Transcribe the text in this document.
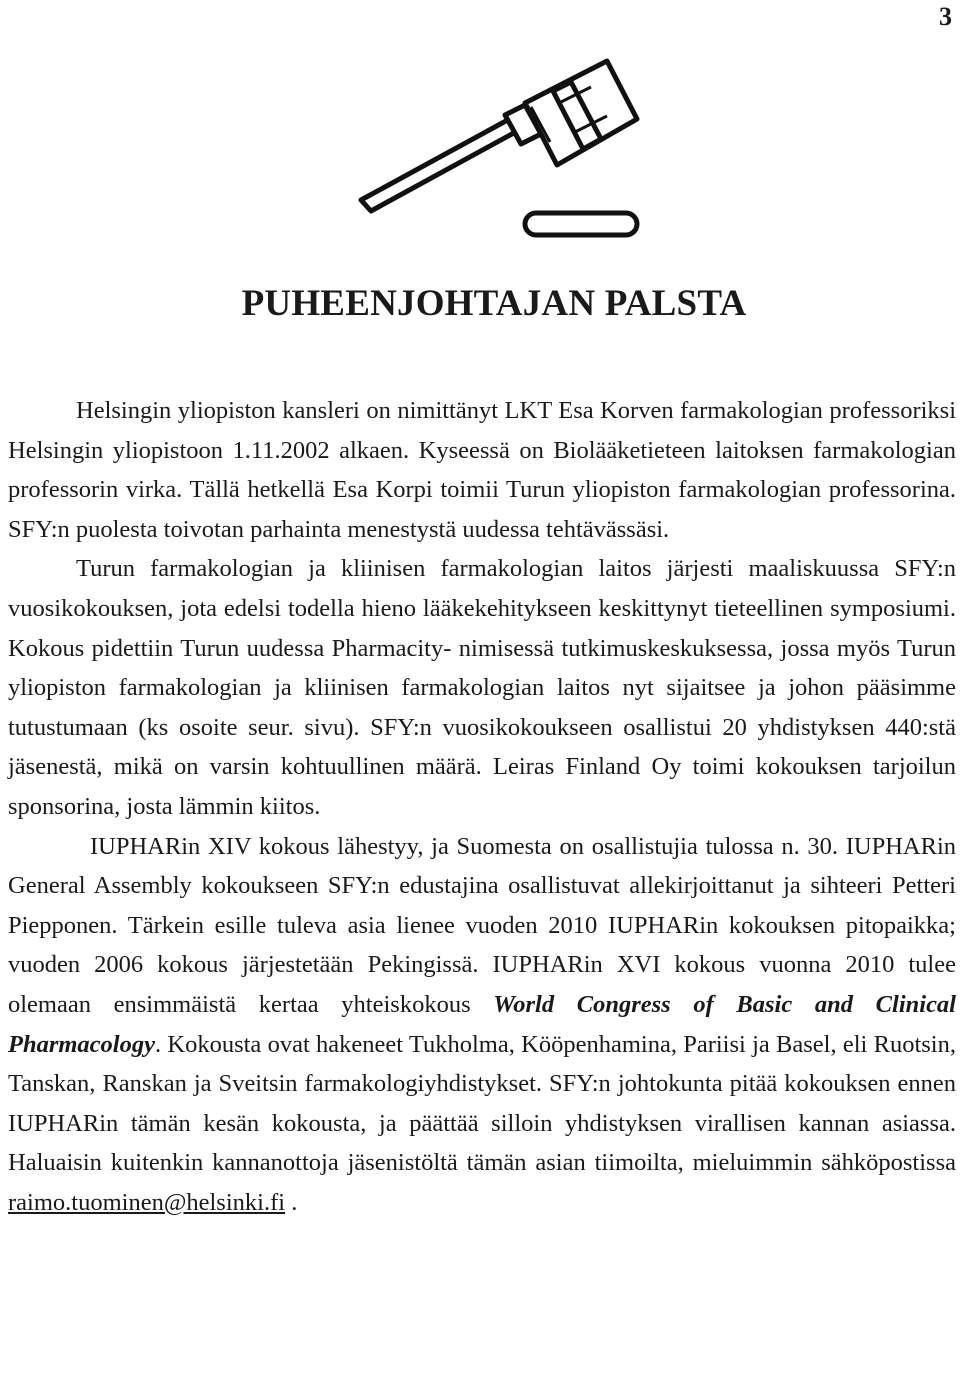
3
PUHEENJOHTAJAN PALSTA

Helsingin yliopiston kansleri on nimittänyt LKT Esa Korven farmakologian professoriksi Helsingin yliopistoon 1.11.2002 alkaen. Kyseessä on Biolääketieteen laitoksen farmakologian professorin virka. Tällä hetkellä Esa Korpi toimii Turun yliopiston farmakologian professorina. SFY:n puolesta toivotan parhainta menestystä uudessa tehtävässäsi.

Turun farmakologian ja kliinisen farmakologian laitos järjesti maaliskuussa SFY:n vuosikokouksen, jota edelsi todella hieno lääkekehitykseen keskittynyt tieteellinen symposiumi. Kokous pidettiin Turun uudessa Pharmacity- nimisessä tutkimuskeskuksessa, jossa myös Turun yliopiston farmakologian ja kliinisen farmakologian laitos nyt sijaitsee ja johon pääsimme tutustumaan (ks osoite seur. sivu). SFY:n vuosikokoukseen osallistui 20 yhdistyksen 440:stä jäsenestä, mikä on varsin kohtuullinen määrä. Leiras Finland Oy toimi kokouksen tarjoilun sponsorina, josta lämmin kiitos.

IUPHARin XIV kokous lähestyy, ja Suomesta on osallistujia tulossa n. 30. IUPHARin General Assembly kokoukseen SFY:n edustajina osallistuvat allekirjoittanut ja sihteeri Petteri Piepponen. Tärkein esille tuleva asia lienee vuoden 2010 IUPHARin kokouksen pitopaikka; vuoden 2006 kokous järjestetään Pekingissä. IUPHARin XVI kokous vuonna 2010 tulee olemaan ensimmäistä kertaa yhteiskokous World Congress of Basic and Clinical Pharmacology. Kokousta ovat hakeneet Tukholma, Kööpenhamina, Pariisi ja Basel, eli Ruotsin, Tanskan, Ranskan ja Sveitsin farmakologiyhdistykset. SFY:n johtokunta pitää kokouksen ennen IUPHARin tämän kesän kokousta, ja päättää silloin yhdistyksen virallisen kannan asiassa. Haluaisin kuitenkin kannanottoja jäsenistöltä tämän asian tiimoilta, mieluimmin sähköpostissa raimo.tuominen@helsinki.fi .
